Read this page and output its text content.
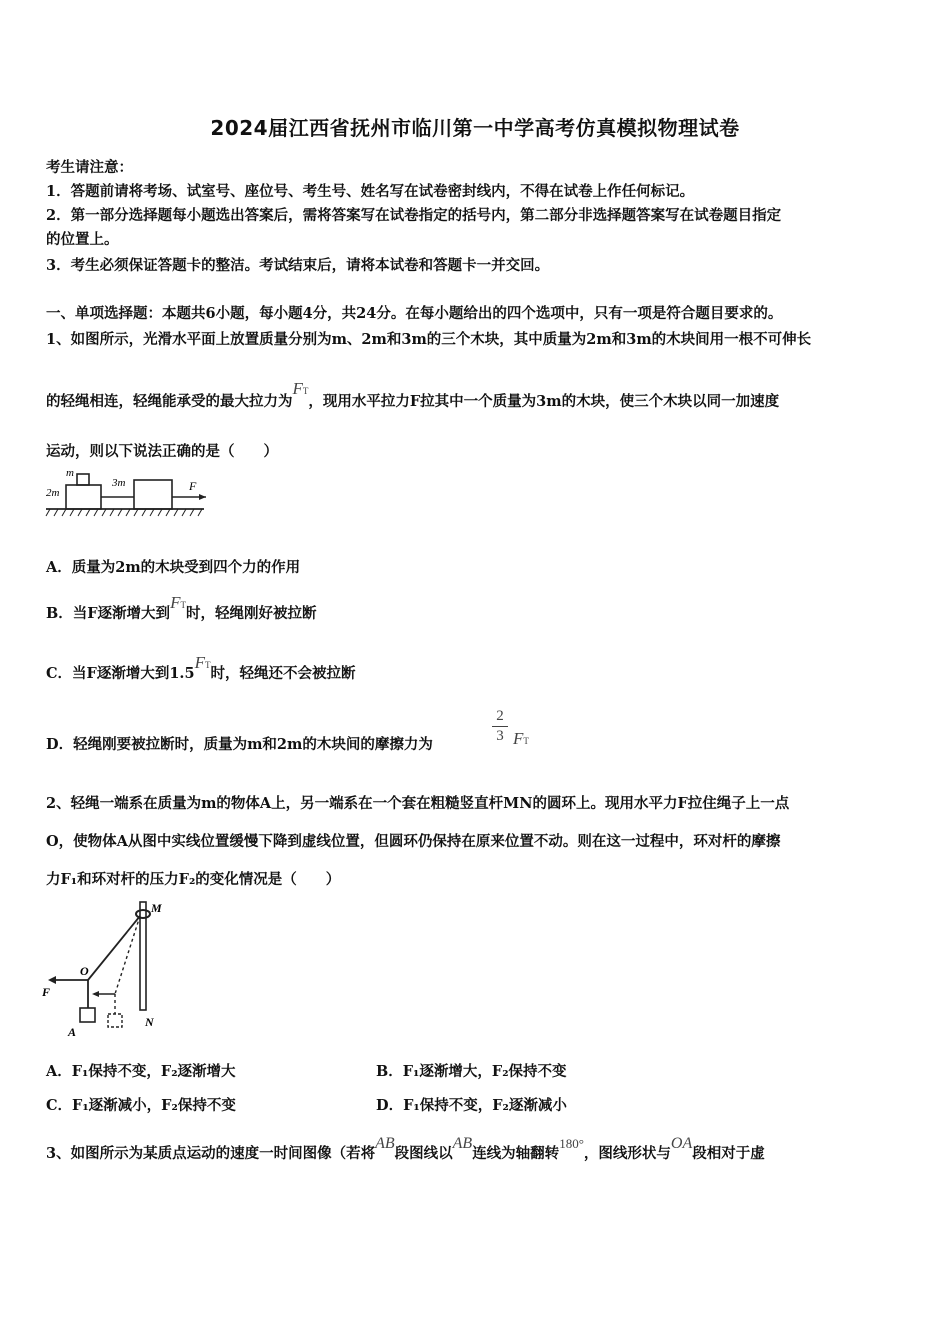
2024届江西省抚州市临川第一中学高考仿真模拟物理试卷
考生请注意：
1．答题前请将考场、试室号、座位号、考生号、姓名写在试卷密封线内，不得在试卷上作任何标记。
2．第一部分选择题每小题选出答案后，需将答案写在试卷指定的括号内，第二部分非选择题答案写在试卷题目指定
的位置上。
3．考生必须保证答题卡的整洁。考试结束后，请将本试卷和答题卡一并交回。
一、单项选择题：本题共6小题，每小题4分，共24分。在每小题给出的四个选项中，只有一项是符合题目要求的。
1、如图所示，光滑水平面上放置质量分别为m、2m和3m的三个木块，其中质量为2m和3m的木块间用一根不可伸长
的轻绳相连，轻绳能承受的最大拉力为FT，现用水平拉力F拉其中一个质量为3m的木块，使三个木块以同一加速度
运动，则以下说法正确的是（　　）
m
2m
3m	F
A．质量为2m的木块受到四个力的作用
B．当F逐渐增大到FT时，轻绳刚好被拉断
C．当F逐渐增大到1.5FT时，轻绳还不会被拉断
D．轻绳刚要被拉断时，质量为m和2m的木块间的摩擦力为
2
3 FT
2、轻绳一端系在质量为m的物体A上，另一端系在一个套在粗糙竖直杆MN的圆环上。现用水平力F拉住绳子上一点
O，使物体A从图中实线位置缓慢下降到虚线位置，但圆环仍保持在原来位置不动。则在这一过程中，环对杆的摩擦
力F₁和环对杆的压力F₂的变化情况是（　　）
M
N
O
F
A
A．F₁保持不变，F₂逐渐增大	B．F₁逐渐增大，F₂保持不变
C．F₁逐渐减小，F₂保持不变	D．F₁保持不变，F₂逐渐减小
3、如图所示为某质点运动的速度一时间图像（若将AB段图线以AB连线为轴翻转180°，图线形状与OA段相对于虚
